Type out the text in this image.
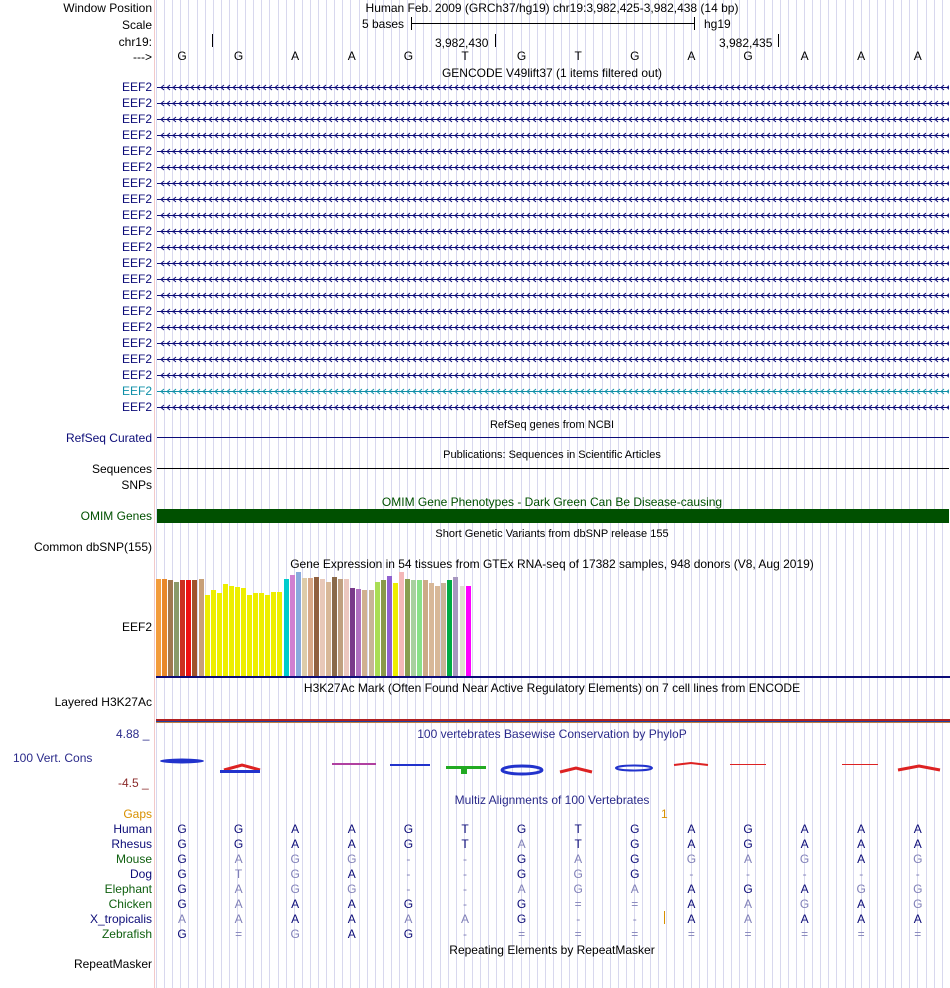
Window Position
Scale
chr19:
--->
Human Feb. 2009 (GRCh37/hg19) chr19:3,982,425-3,982,438 (14 bp)
5 bases	hg19
3,982,430	3,982,435
G	G	A	A	G	T	G	T	G	A	G	A	A	A
GENCODE V49lift37 (1 items filtered out)
EEF2
EEF2
EEF2
EEF2
EEF2
EEF2
EEF2
EEF2
EEF2
EEF2
EEF2
EEF2
EEF2
EEF2
EEF2
EEF2
EEF2
EEF2
EEF2
EEF2
EEF2
RefSeq genes from NCBI
RefSeq Curated
Publications: Sequences in Scientific Articles
Sequences
SNPs
OMIM Gene Phenotypes - Dark Green Can Be Disease-causing
OMIM Genes
Short Genetic Variants from dbSNP release 155
Common dbSNP(155)
Gene Expression in 54 tissues from GTEx RNA-seq of 17382 samples, 948 donors (V8, Aug 2019)
EEF2
H3K27Ac Mark (Often Found Near Active Regulatory Elements) on 7 cell lines from ENCODE
Layered H3K27Ac
100 vertebrates Basewise Conservation by PhyloP
4.88 _
100 Vert. Cons
-4.5 _
Multiz Alignments of 100 Vertebrates
Gaps	1
Human G	G	A	A	G	T	G	T	G	A	G	A	A	A
Rhesus G	G	A	A	G	T	A	T	G	A	G	A	A	A
Mouse G	A	G	G	-	-	G	A	G	G	A	G	A	G
Dog G	T	G	A	-	-	G	G	G	-	-	-	-	-
Elephant G	A	G	G	-	-	A	G	A	A	G	A	G	G
Chicken G	A	A	A	G	-	G	=	=	A	A	G	A	G
X_tropicalis A	A	A	A	A	A	G	-	-	A	A	A	A	A
Zebrafish G	=	G	A	G	-	=	=	=	=	=	=	=	=
Repeating Elements by RepeatMasker
RepeatMasker
